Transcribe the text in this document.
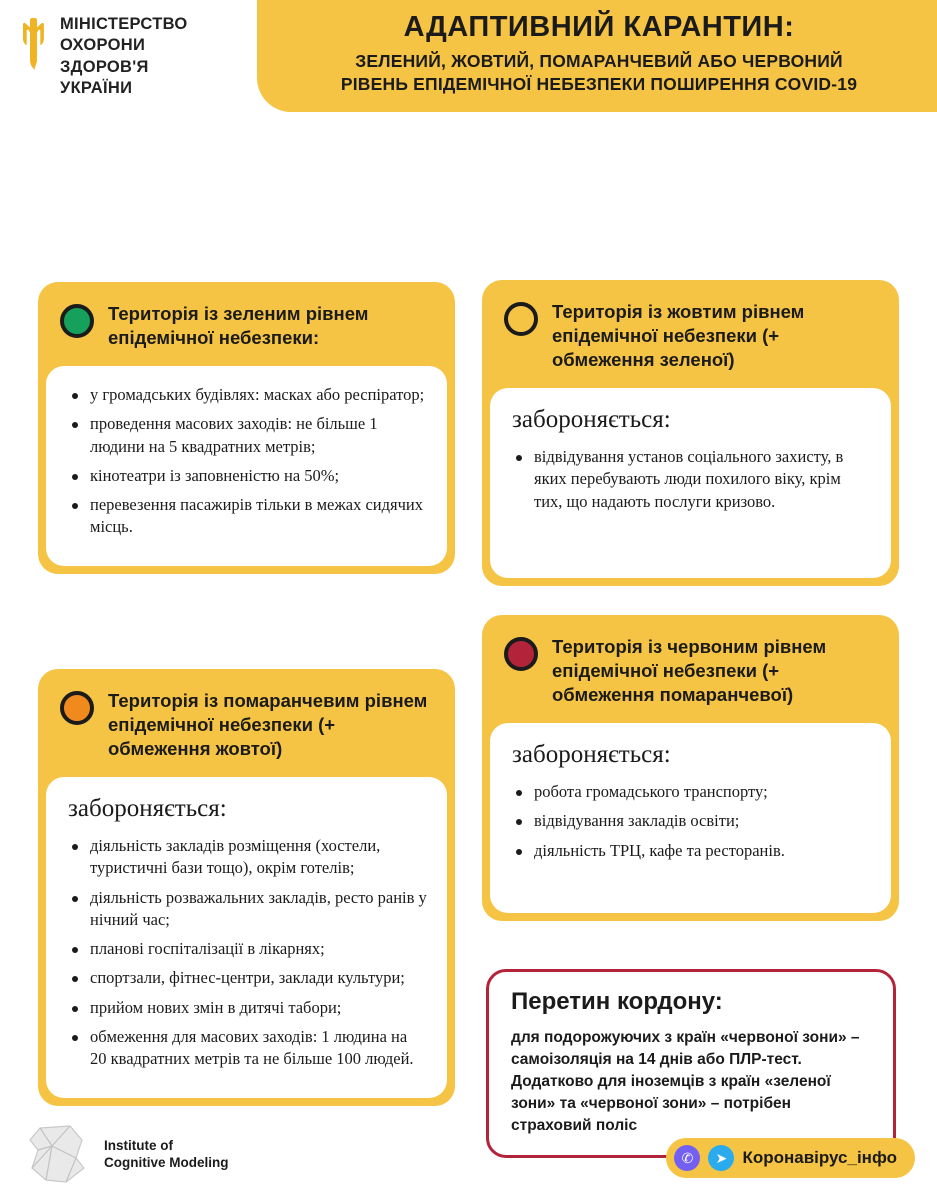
МІНІСТЕРСТВО
ОХОРОНИ
ЗДОРОВ'Я
УКРАЇНИ
АДАПТИВНИЙ КАРАНТИН:
ЗЕЛЕНИЙ, ЖОВТИЙ, ПОМАРАНЧЕВИЙ АБО ЧЕРВОНИЙ
РІВЕНЬ ЕПІДЕМІЧНОЇ НЕБЕЗПЕКИ ПОШИРЕННЯ COVID-19
Територія із зеленим рівнем епідемічної небезпеки:
у громадських будівлях: масках або респіратор;
проведення масових заходів: не більше 1 людини на 5 квадратних метрів;
кінотеатри із заповненістю на 50%;
перевезення пасажирів тільки в межах сидячих місць.
Територія із жовтим рівнем епідемічної небезпеки (+ обмеження зеленої)
забороняється:
відвідування установ соціального захисту, в яких перебувають люди похилого віку, крім тих, що надають послуги кризово.
Територія із червоним рівнем епідемічної небезпеки (+ обмеження помаранчевої)
забороняється:
робота громадського транспорту;
відвідування закладів освіти;
діяльність ТРЦ, кафе та ресторанів.
Територія із помаранчевим рівнем епідемічної небезпеки (+ обмеження жовтої)
забороняється:
діяльність закладів розміщення (хостели, туристичні бази тощо), окрім готелів;
діяльність розважальних закладів, ресто ранів у нічний час;
планові госпіталізації в лікарнях;
спортзали, фітнес-центри, заклади культури;
прийом нових змін в дитячі табори;
обмеження для масових заходів: 1 людина на 20 квадратних метрів та не більше 100 людей.
Перетин кордону:
для подорожуючих з країн «червоної зони» – самоізоляція на 14 днів або ПЛР-тест. Додатково для іноземців з країн «зеленої зони» та «червоної зони» – потрібен страховий поліс
Institute of
Cognitive Modeling	✆	➤ Коронавірус_інфо
